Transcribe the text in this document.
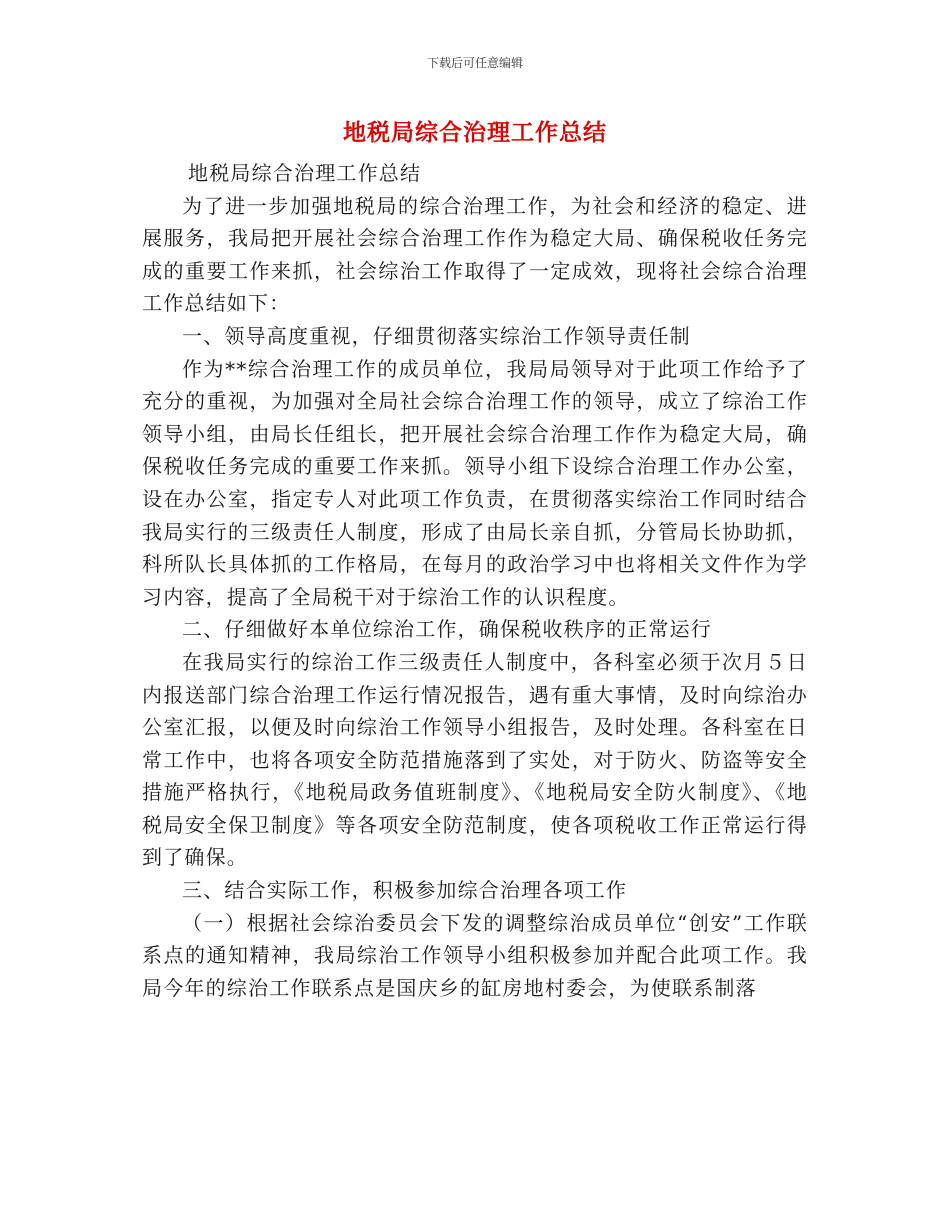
下载后可任意编辑
地税局综合治理工作总结

地税局综合治理工作总结

为了进一步加强地税局的综合治理工作，为社会和经济的稳定、进展服务，我局把开展社会综合治理工作作为稳定大局、确保税收任务完成的重要工作来抓，社会综治工作取得了一定成效，现将社会综合治理工作总结如下：

一、领导高度重视，仔细贯彻落实综治工作领导责任制

作为**综合治理工作的成员单位，我局局领导对于此项工作给予了充分的重视，为加强对全局社会综合治理工作的领导，成立了综治工作领导小组，由局长任组长，把开展社会综合治理工作作为稳定大局，确保税收任务完成的重要工作来抓。领导小组下设综合治理工作办公室，设在办公室，指定专人对此项工作负责，在贯彻落实综治工作同时结合我局实行的三级责任人制度，形成了由局长亲自抓，分管局长协助抓，科所队长具体抓的工作格局，在每月的政治学习中也将相关文件作为学习内容，提高了全局税干对于综治工作的认识程度。

二、仔细做好本单位综治工作，确保税收秩序的正常运行

在我局实行的综治工作三级责任人制度中，各科室必须于次月５日内报送部门综合治理工作运行情况报告，遇有重大事情，及时向综治办公室汇报，以便及时向综治工作领导小组报告，及时处理。各科室在日常工作中，也将各项安全防范措施落到了实处，对于防火、防盗等安全措施严格执行，《地税局政务值班制度》、《地税局安全防火制度》、《地税局安全保卫制度》等各项安全防范制度，使各项税收工作正常运行得到了确保。

三、结合实际工作，积极参加综合治理各项工作

（一）根据社会综治委员会下发的调整综治成员单位“创安”工作联系点的通知精神，我局综治工作领导小组积极参加并配合此项工作。我局今年的综治工作联系点是国庆乡的缸房地村委会，为使联系制落
